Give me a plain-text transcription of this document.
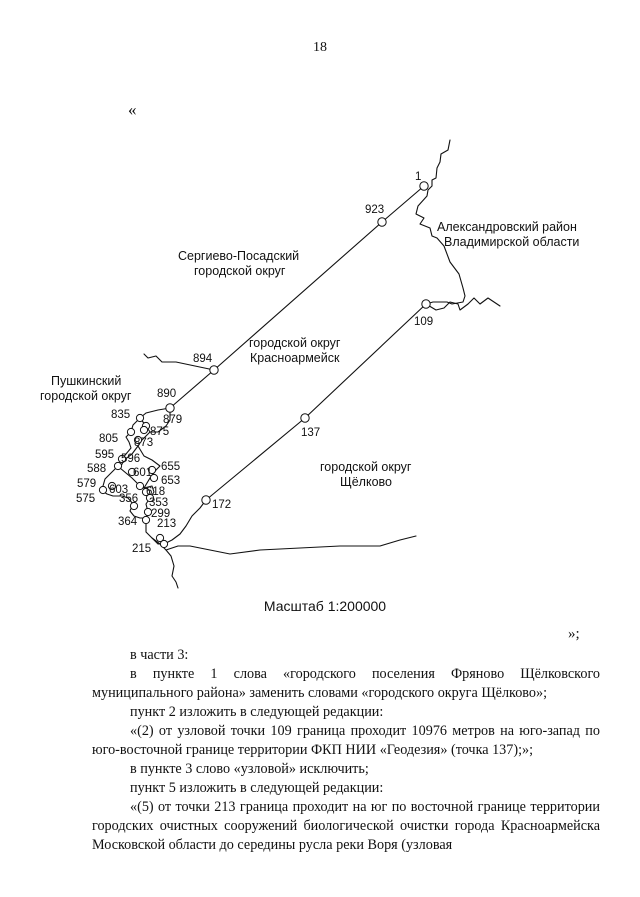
18
«
Александровский район
Владимирской области
Сергиево-Посадский
городской округ
городской округ
Красноармейск
Пушкинский
городской округ
городской округ
Щёлково
1
923
109
894
890
879
835
875
805 873
137
595 596
655
588 601
653
579 603 618
575 356 353	172
299
364 213
215
Масштаб 1:200000
»;

в части 3:

в пункте 1 слова «городского поселения Фряново Щёлковского муниципального района» заменить словами «городского округа Щёлково»;

пункт 2 изложить в следующей редакции:

«(2) от узловой точки 109 граница проходит 10976 метров на юго-запад по юго-восточной границе территории ФКП НИИ «Геодезия» (точка 137);»;

в пункте 3 слово «узловой» исключить;

пункт 5 изложить в следующей редакции:

«(5) от точки 213 граница проходит на юг по восточной границе территории городских очистных сооружений биологической очистки города Красноармейска Московской области до середины русла реки Воря (узловая
